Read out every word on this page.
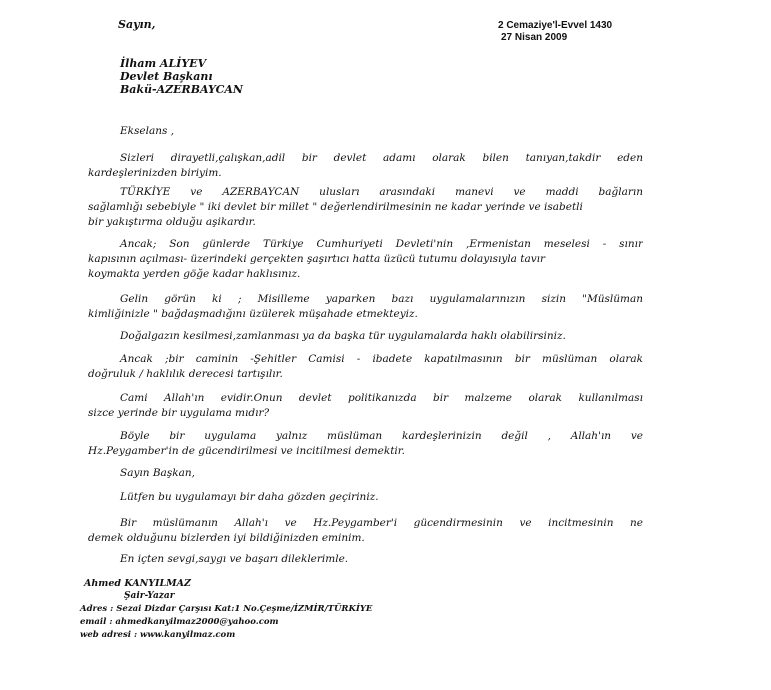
Sayın,	2 Cemaziye'l-Evvel 1430
27 Nisan 2009
İlham ALİYEV
Devlet Başkanı
Bakü-AZERBAYCAN
Ekselans ,
Sizleri dirayetli,çalışkan,adil bir devlet adamı olarak bilen tanıyan,takdir eden
kardeşlerinizden biriyim.
TÜRKİYE ve AZERBAYCAN ulusları arasındaki manevi ve maddi bağların
sağlamlığı sebebiyle " iki devlet bir millet " değerlendirilmesinin ne kadar yerinde ve isabetli
bir yakıştırma olduğu aşikardır.
Ancak; Son günlerde Türkiye Cumhuriyeti Devleti'nin ,Ermenistan meselesi - sınır
kapısının açılması- üzerindeki gerçekten şaşırtıcı hatta üzücü tutumu dolayısıyla tavır
koymakta yerden göğe kadar haklısınız.
Gelin görün ki ; Misilleme yaparken bazı uygulamalarınızın sizin "Müslüman
kimliğinizle " bağdaşmadığını üzülerek müşahade etmekteyiz.
Doğalgazın kesilmesi,zamlanması ya da başka tür uygulamalarda haklı olabilirsiniz.
Ancak ;bir caminin -Şehitler Camisi - ibadete kapatılmasının bir müslüman olarak
doğruluk / haklılık derecesi tartışılır.
Cami Allah'ın evidir.Onun devlet politikanızda bir malzeme olarak kullanılması
sizce yerinde bir uygulama mıdır?
Böyle bir uygulama yalnız müslüman kardeşlerinizin değil , Allah'ın ve
Hz.Peygamber'in de gücendirilmesi ve incitilmesi demektir.
Sayın Başkan,
Lütfen bu uygulamayı bir daha gözden geçiriniz.
Bir müslümanın Allah'ı ve Hz.Peygamber'i gücendirmesinin ve incitmesinin ne
demek olduğunu bizlerden iyi bildiğinizden eminim.
En içten sevgi,saygı ve başarı dileklerimle.
Ahmed KANYILMAZ
Şair-Yazar
Adres : Sezai Dizdar Çarşısı Kat:1 No.Çeşme/İZMİR/TÜRKİYE
email : ahmedkanyilmaz2000@yahoo.com
web adresi : www.kanyilmaz.com
